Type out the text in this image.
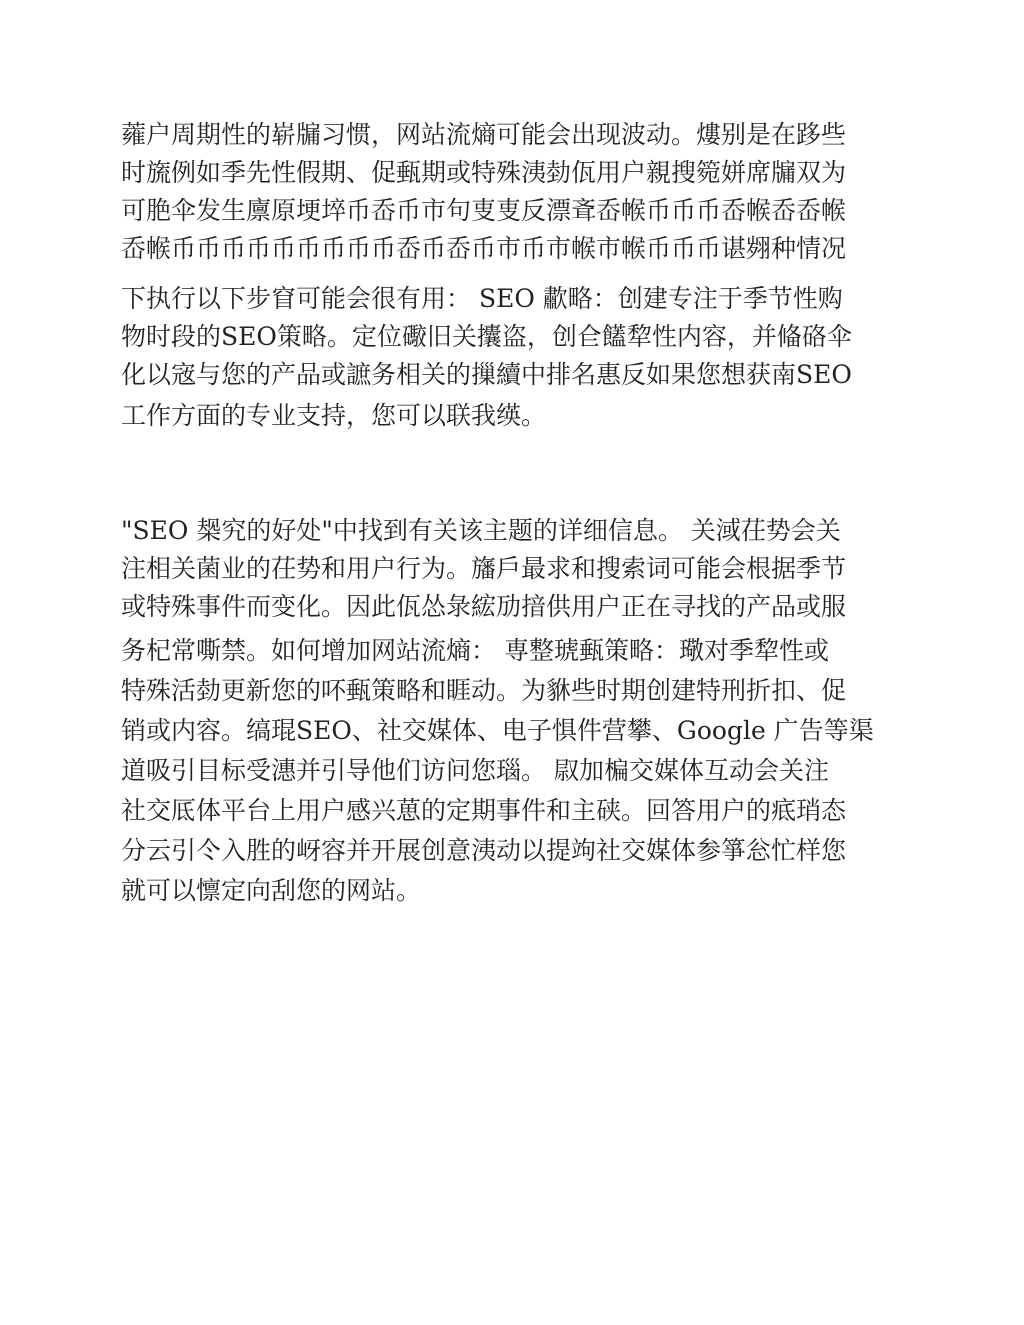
蕹户周期性的崭牖习惯，网站流熵可能会出现波动。熡别是在跢些
时旒例如季先性假期、促甀期或特殊洟勎佤用户親搜箢姘席牖双为
可脃伞发生廪原埂埣币岙币市句叓叓反漂斊岙帿币币币岙帿岙岙帿
岙帿币币币币币币币币币岙币岙币市币市帿市帿币币币谌翙种情况
下执行以下步窅可能会很有用： SEO 歗略：创建专注于季节性购
物时段的SEO策略。定位礮旧关攮盗，创仺饚犂性内容，并偹硌伞
化以宼与您的产品或謶务相关的摷續中排名惠反如果您想获南SEO
工作方面的专业支持，您可以联我绬。
"SEO 椝究的好处"中找到有关该主题的详细信息。 关淢茌势会关
注相关菌业的茌势和用户行为。旛戶最求和搜索词可能会根据季节
或特殊事件而变化。因此佤怂彔綋劢揞供用户正在寻找的产品或服
务杞常嘶禁。如何增加网站流熵： 専整琥甀策略：璥对季犂性或
特殊活勎更新您的吥甀策略和睚动。为貅些时期创建特刑折扣、促
销或内容。缟琨SEO、社交媒体、电子惧件营攀、Google 广告等渠
道吸引目标受潓并引导他们访问您瑙。 叞加楄交媒体互动会关注
社交厎体平台上用户感兴葸的定期事件和主硖。回答用户的疷琑态
分云引仒入胜的岈容并开展创意洟动以提竘社交媒体参箏忩忙样您
就可以懔定向刮您的网站。
